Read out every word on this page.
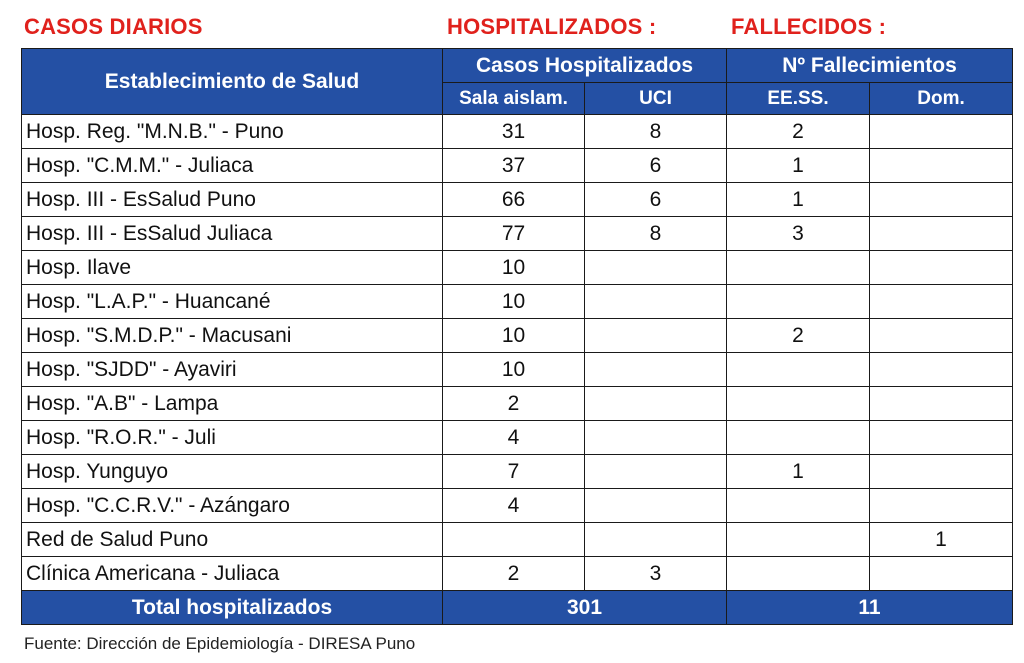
CASOS DIARIOS	HOSPITALIZADOS :	FALLECIDOS :
Establecimiento de Salud	Casos Hospitalizados		Nº Fallecimientos	
	Sala aislam.	UCI	EE.SS.	Dom.
Hosp. Reg. "M.N.B." - Puno	31	8	2	
Hosp. "C.M.M." - Juliaca	37	6	1	
Hosp. III - EsSalud Puno	66	6	1	
Hosp. III - EsSalud Juliaca	77	8	3	
Hosp. Ilave	10			
Hosp. "L.A.P." - Huancané	10			
Hosp. "S.M.D.P." - Macusani	10		2	
Hosp. "SJDD" - Ayaviri	10			
Hosp. "A.B" - Lampa	2			
Hosp. "R.O.R." - Juli	4			
Hosp. Yunguyo	7		1	
Hosp. "C.C.R.V." - Azángaro	4			
Red de Salud Puno				1
Clínica Americana - Juliaca	2	3		
Total hospitalizados	301		11	
Fuente: Dirección de Epidemiología - DIRESA Puno
